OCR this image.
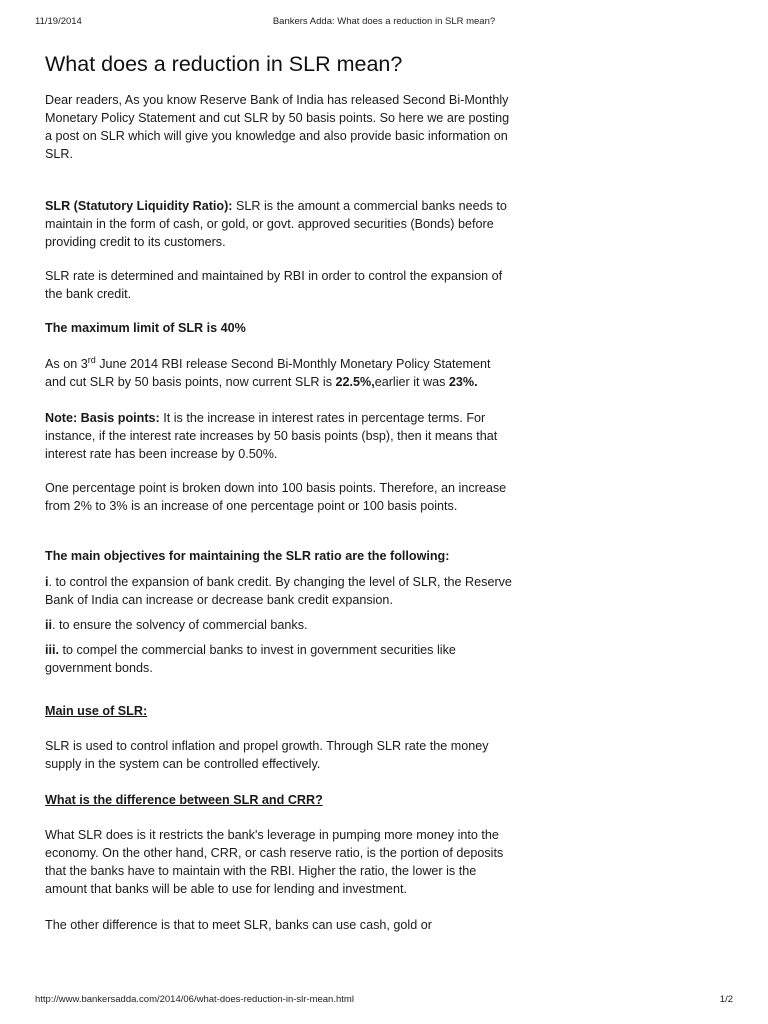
11/19/2014	Bankers Adda: What does a reduction in SLR mean?
What does a reduction in SLR mean?

Dear readers, As you know Reserve Bank of India has released Second Bi-Monthly Monetary Policy Statement and cut SLR by 50 basis points. So here we are posting a post on SLR which will give you knowledge and also provide basic information on SLR.

SLR (Statutory Liquidity Ratio): SLR is the amount a commercial banks needs to maintain in the form of cash, or gold, or govt. approved securities (Bonds) before providing credit to its customers.

SLR rate is determined and maintained by RBI in order to control the expansion of the bank credit.

The maximum limit of SLR is 40%

As on 3rd June 2014 RBI release Second Bi-Monthly Monetary Policy Statement and cut SLR by 50 basis points, now current SLR is 22.5%,earlier it was 23%.

Note: Basis points: It is the increase in interest rates in percentage terms. For instance, if the interest rate increases by 50 basis points (bsp), then it means that interest rate has been increase by 0.50%.

One percentage point is broken down into 100 basis points. Therefore, an increase from 2% to 3% is an increase of one percentage point or 100 basis points.

The main objectives for maintaining the SLR ratio are the following:

i. to control the expansion of bank credit. By changing the level of SLR, the Reserve Bank of India can increase or decrease bank credit expansion.

ii. to ensure the solvency of commercial banks.

iii. to compel the commercial banks to invest in government securities like government bonds.

Main use of SLR:

SLR is used to control inflation and propel growth. Through SLR rate the money supply in the system can be controlled effectively.

What is the difference between SLR and CRR?

What SLR does is it restricts the bank's leverage in pumping more money into the economy. On the other hand, CRR, or cash reserve ratio, is the portion of deposits that the banks have to maintain with the RBI. Higher the ratio, the lower is the amount that banks will be able to use for lending and investment.

The other difference is that to meet SLR, banks can use cash, gold or

http://www.bankersadda.com/2014/06/what-does-reduction-in-slr-mean.html	1/2
